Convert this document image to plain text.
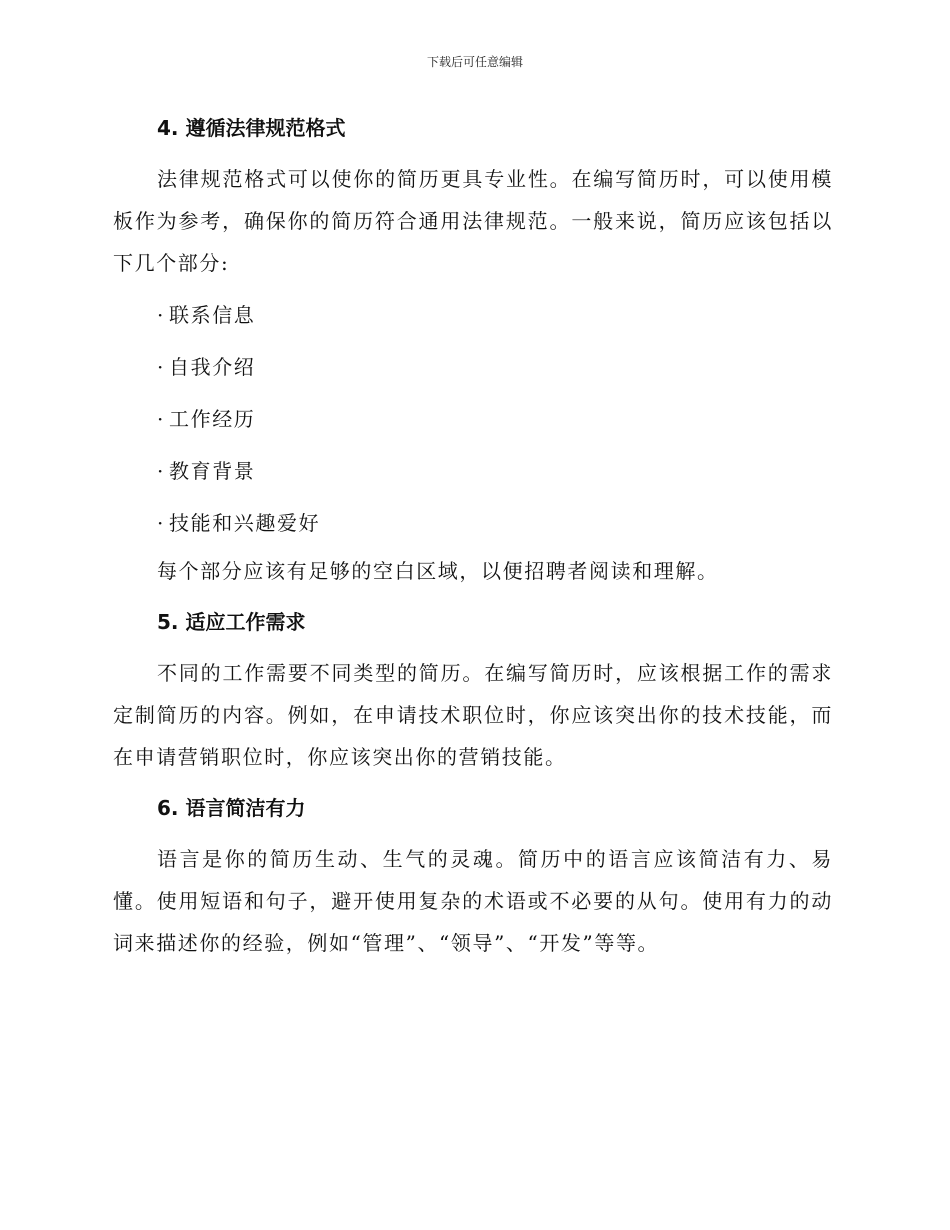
下载后可任意编辑
4. 遵循法律规范格式

法律规范格式可以使你的简历更具专业性。在编写简历时，可以使用模板作为参考，确保你的简历符合通用法律规范。一般来说，简历应该包括以下几个部分:

· 联系信息
· 自我介绍
· 工作经历
· 教育背景
· 技能和兴趣爱好

每个部分应该有足够的空白区域，以便招聘者阅读和理解。

5. 适应工作需求

不同的工作需要不同类型的简历。在编写简历时，应该根据工作的需求定制简历的内容。例如，在申请技术职位时，你应该突出你的技术技能，而在申请营销职位时，你应该突出你的营销技能。

6. 语言简洁有力

语言是你的简历生动、生气的灵魂。简历中的语言应该简洁有力、易懂。使用短语和句子，避开使用复杂的术语或不必要的从句。使用有力的动词来描述你的经验，例如“管理”、“领导”、“开发”等等。
